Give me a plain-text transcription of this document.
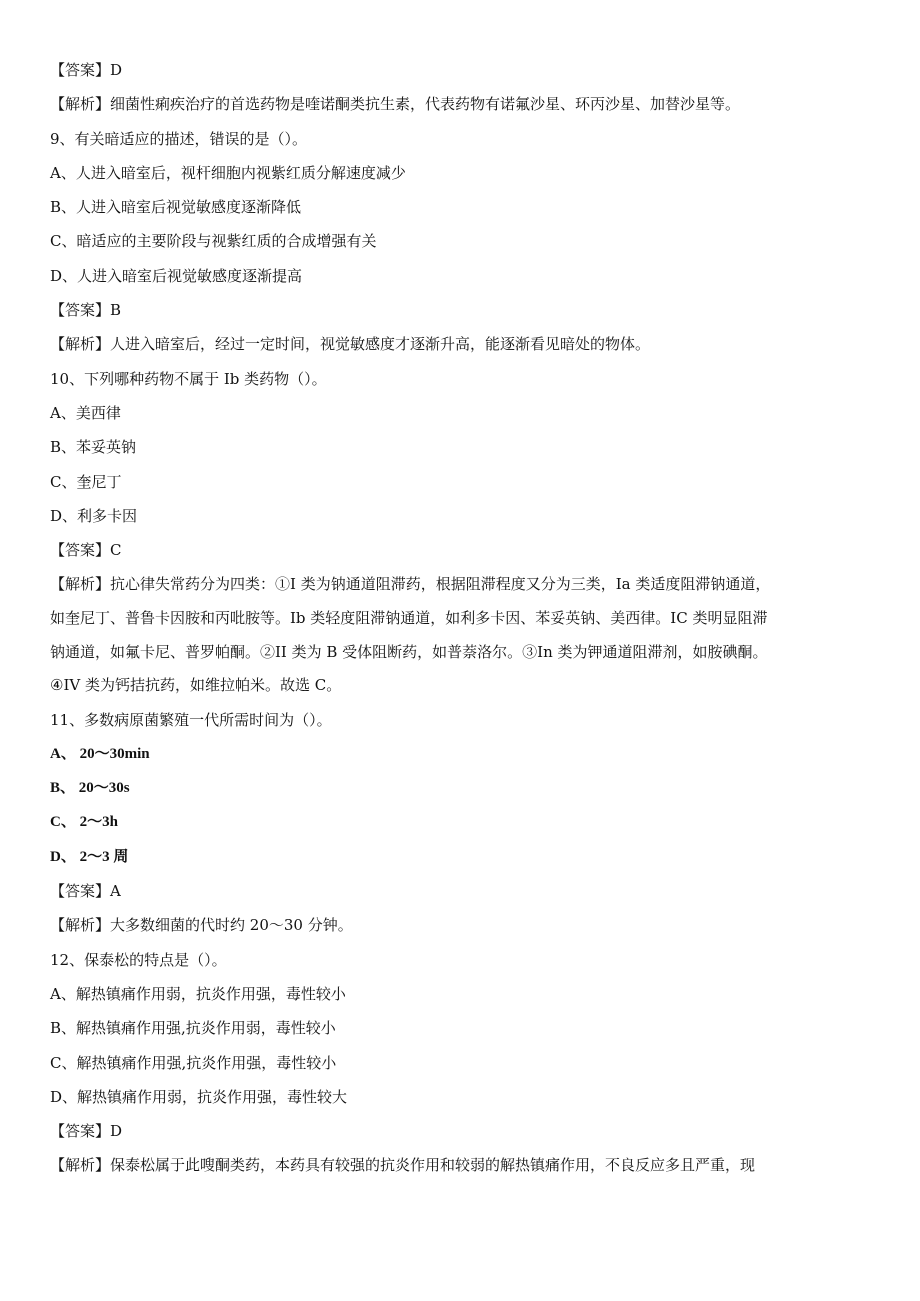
【答案】D

【解析】细菌性痢疾治疗的首选药物是喹诺酮类抗生素，代表药物有诺氟沙星、环丙沙星、加替沙星等。

9、有关暗适应的描述，错误的是（）。

A、人进入暗室后，视杆细胞内视紫红质分解速度减少

B、人进入暗室后视觉敏感度逐渐降低

C、暗适应的主要阶段与视紫红质的合成增强有关

D、人进入暗室后视觉敏感度逐渐提高

【答案】B

【解析】人进入暗室后，经过一定时间，视觉敏感度才逐渐升高，能逐渐看见暗处的物体。

10、下列哪种药物不属于 Ib 类药物（）。

A、美西律

B、苯妥英钠

C、奎尼丁

D、利多卡因

【答案】C

【解析】抗心律失常药分为四类：①I 类为钠通道阻滞药，根据阻滞程度又分为三类，Ia 类适度阻滞钠通道，
如奎尼丁、普鲁卡因胺和丙吡胺等。Ib 类轻度阻滞钠通道，如利多卡因、苯妥英钠、美西律。IC 类明显阻滞
钠通道，如氟卡尼、普罗帕酮。②II 类为 B 受体阻断药，如普萘洛尔。③In 类为钾通道阻滞剂，如胺碘酮。
④IV 类为钙拮抗药，如维拉帕米。故选 C。

11、多数病原菌繁殖一代所需时间为（）。

A、 20～30min

B、 20～30s

C、 2～3h

D、 2～3 周

【答案】A

【解析】大多数细菌的代时约 20～30 分钟。

12、保泰松的特点是（）。

A、解热镇痛作用弱，抗炎作用强，毒性较小

B、解热镇痛作用强,抗炎作用弱，毒性较小

C、解热镇痛作用强,抗炎作用强，毒性较小

D、解热镇痛作用弱，抗炎作用强，毒性较大

【答案】D

【解析】保泰松属于此嗖酮类药，本药具有较强的抗炎作用和较弱的解热镇痛作用，不良反应多且严重，现
